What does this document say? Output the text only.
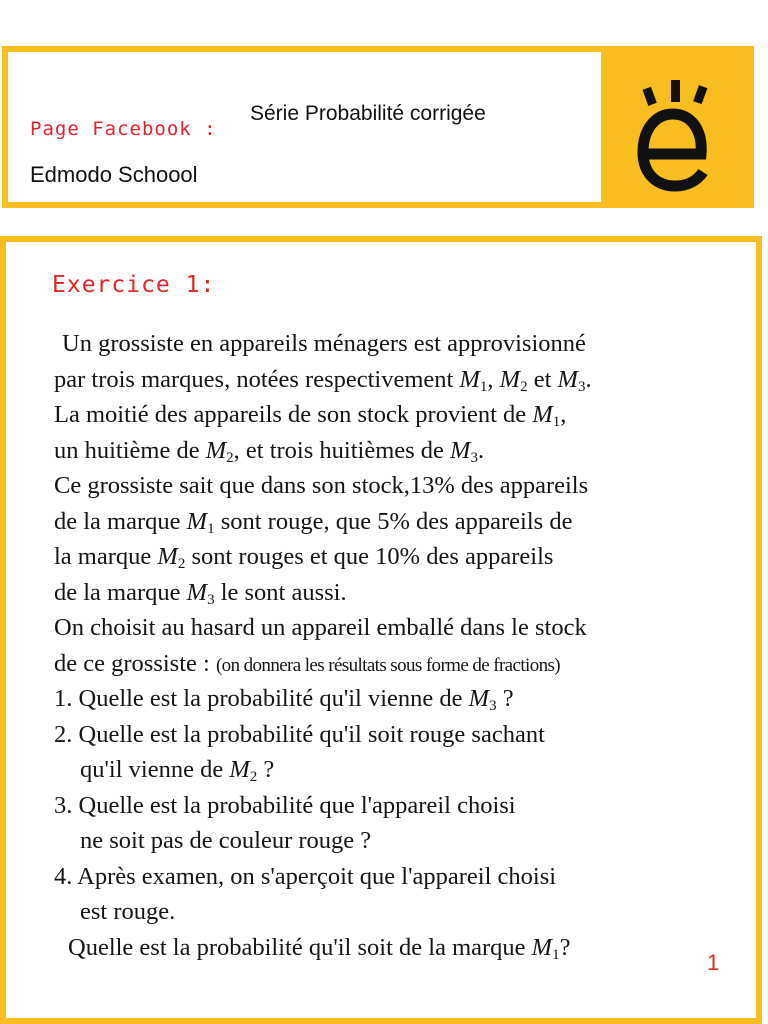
Page Facebook :
Série Probabilité corrigée
Edmodo Schoool
Exercice 1:
Un grossiste en appareils ménagers est approvisionné
par trois marques, notées respectivement $M_1$, $M_2$ et $M_3$.
La moitié des appareils de son stock provient de $M_1$,
un huitième de $M_2$, et trois huitièmes de $M_3$.
Ce grossiste sait que dans son stock,13% des appareils
de la marque $M_1$ sont rouge, que 5% des appareils de
la marque $M_2$ sont rouges et que 10% des appareils
de la marque $M_3$ le sont aussi.
On choisit au hasard un appareil emballé dans le stock
de ce grossiste : (on donnera les résultats sous forme de fractions)
1. Quelle est la probabilité qu'il vienne de $M_3$ ?
2. Quelle est la probabilité qu'il soit rouge sachant
qu'il vienne de $M_2$ ?
3. Quelle est la probabilité que l'appareil choisi
ne soit pas de couleur rouge ?
4. Après examen, on s'aperçoit que l'appareil choisi
est rouge.
Quelle est la probabilité qu'il soit de la marque $M_1$?
1
